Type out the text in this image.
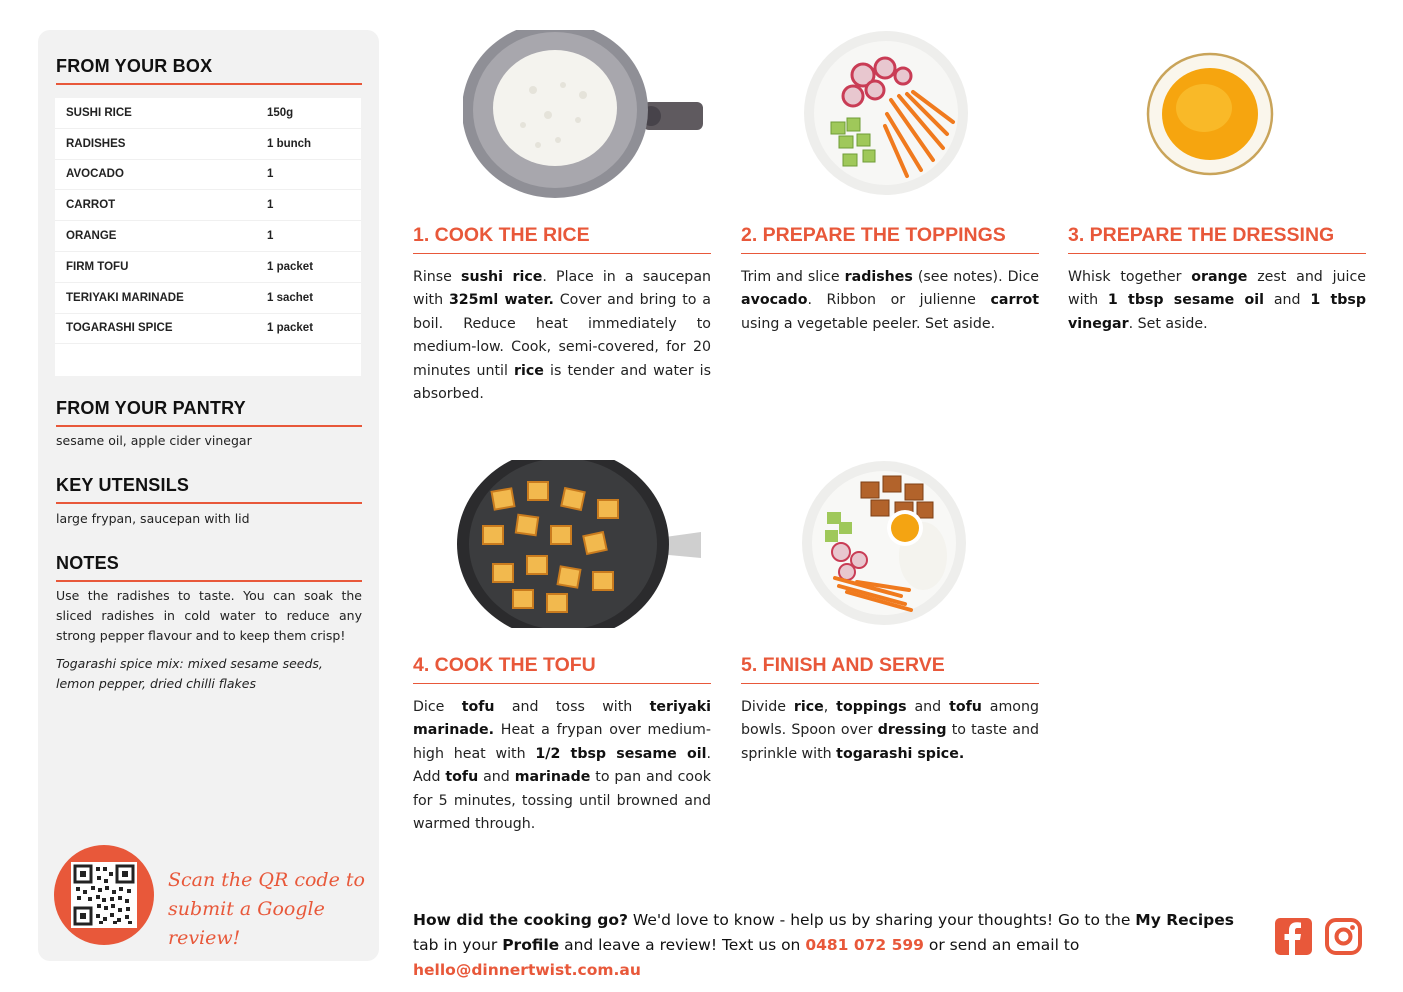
FROM YOUR BOX
SUSHI RICE	150g
RADISHES	1 bunch
AVOCADO	1
CARROT	1
ORANGE	1
FIRM TOFU	1 packet
TERIYAKI MARINADE	1 sachet
TOGARASHI SPICE	1 packet
FROM YOUR PANTRY
sesame oil, apple cider vinegar
KEY UTENSILS
large frypan, saucepan with lid
NOTES
Use the radishes to taste. You can soak the sliced radishes in cold water to reduce any strong pepper flavour and to keep them crisp!
Togarashi spice mix: mixed sesame seeds, lemon pepper, dried chilli flakes
Scan the QR code to
submit a Google review!
1. COOK THE RICE	2. PREPARE THE TOPPINGS	3. PREPARE THE DRESSING
4. COOK THE TOFU	5. FINISH AND SERVE
Rinse sushi rice. Place in a saucepan with 325ml water. Cover and bring to a boil. Reduce heat immediately to medium-low. Cook, semi-covered, for 20 minutes until rice is tender and water is absorbed.
Trim and slice radishes (see notes). Dice avocado. Ribbon or julienne carrot using a vegetable peeler. Set aside.
Whisk together orange zest and juice with 1 tbsp sesame oil and 1 tbsp vinegar. Set aside.
Dice tofu and toss with teriyaki marinade. Heat a frypan over medium-high heat with 1/2 tbsp sesame oil. Add tofu and marinade to pan and cook for 5 minutes, tossing until browned and warmed through.
Divide rice, toppings and tofu among bowls. Spoon over dressing to taste and sprinkle with togarashi spice.
How did the cooking go? We'd love to know - help us by sharing your thoughts! Go to the My Recipes tab in your Profile and leave a review! Text us on 0481 072 599 or send an email to hello@dinnertwist.com.au
